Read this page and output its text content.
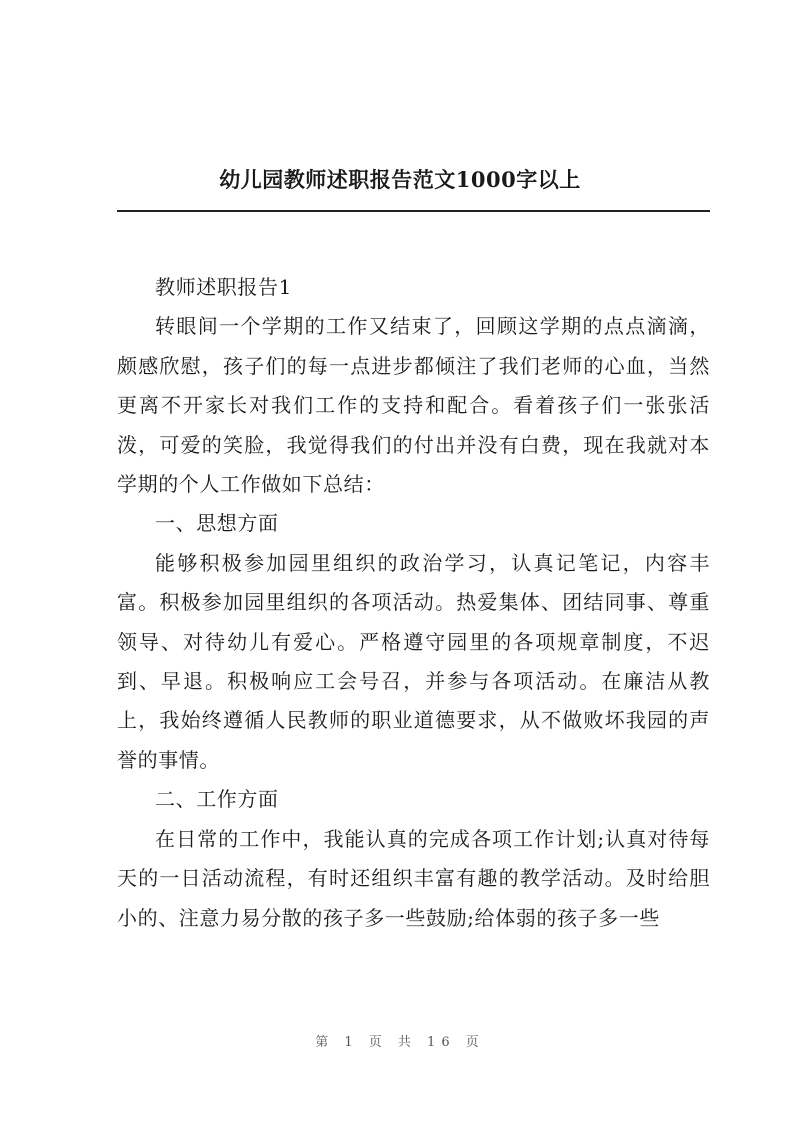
幼儿园教师述职报告范文1000字以上

教师述职报告1

转眼间一个学期的工作又结束了，回顾这学期的点点滴滴，颇感欣慰，孩子们的每一点进步都倾注了我们老师的心血，当然更离不开家长对我们工作的支持和配合。看着孩子们一张张活泼，可爱的笑脸，我觉得我们的付出并没有白费，现在我就对本学期的个人工作做如下总结：

一、思想方面

能够积极参加园里组织的政治学习，认真记笔记，内容丰富。积极参加园里组织的各项活动。热爱集体、团结同事、尊重领导、对待幼儿有爱心。严格遵守园里的各项规章制度，不迟到、早退。积极响应工会号召，并参与各项活动。在廉洁从教上，我始终遵循人民教师的职业道德要求，从不做败坏我园的声誉的事情。

二、工作方面

在日常的工作中，我能认真的完成各项工作计划;认真对待每天的一日活动流程，有时还组织丰富有趣的教学活动。及时给胆小的、注意力易分散的孩子多一些鼓励;给体弱的孩子多一些

第 1 页 共 16 页
